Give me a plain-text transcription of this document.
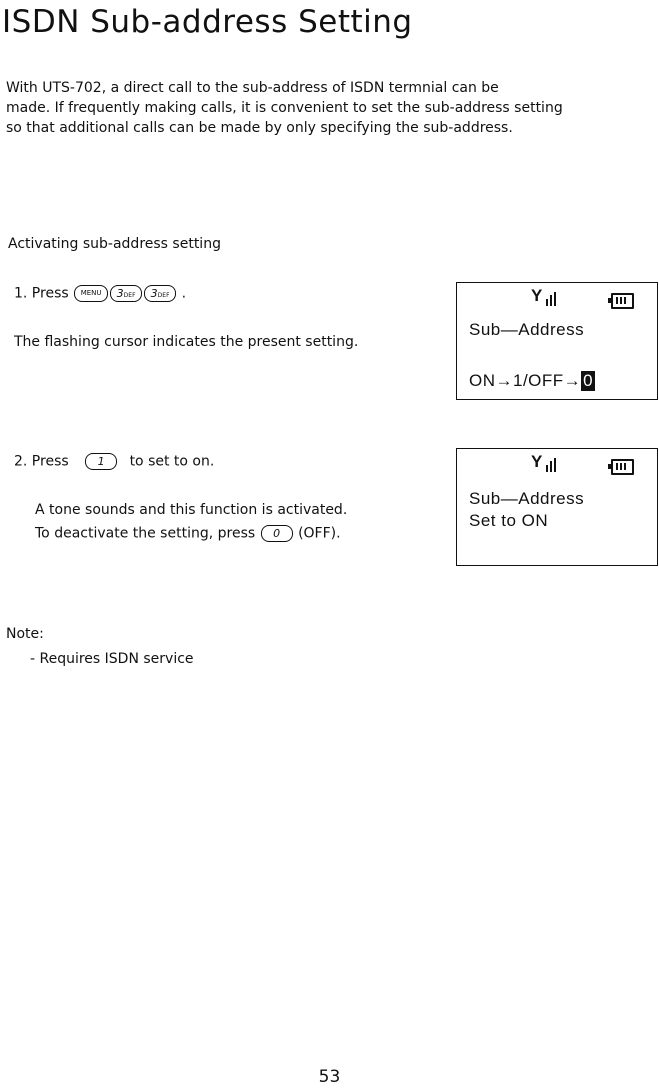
ISDN Sub-address Setting
With UTS-702, a direct call to the sub-address of ISDN termnial can be
made. If frequently making calls, it is convenient to set the sub-address setting
so that additional calls can be made by only specifying the sub-address.
Activating sub-address setting
1. Press MENU 3DEF 3DEF .
The flashing cursor indicates the present setting.
Y
Sub—Address
ON→1/OFF→ 0
2. Press	1 to set to on.
A tone sounds and this function is activated.
To deactivate the setting, press 0 (OFF).
Y
Sub—Address
Set to ON
Note:
- Requires ISDN service
53
